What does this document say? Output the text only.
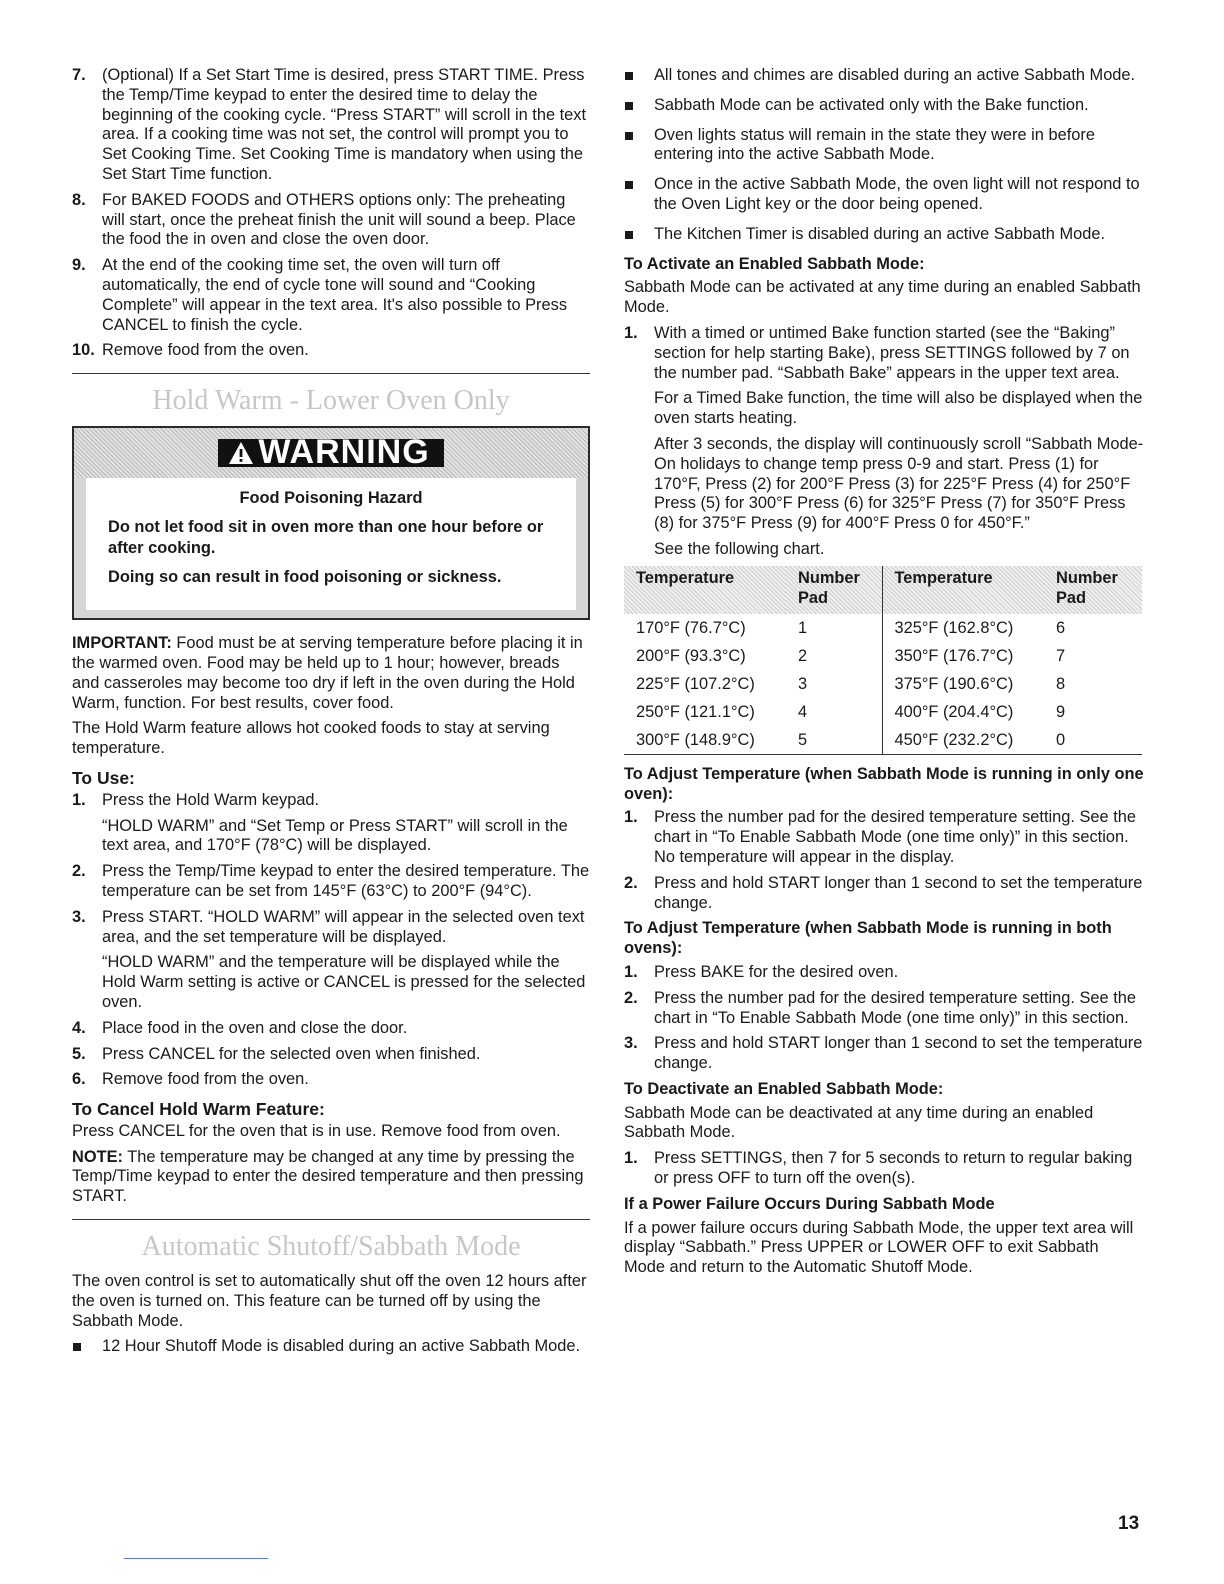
7. (Optional) If a Set Start Time is desired, press START TIME. Press the Temp/Time keypad to enter the desired time to delay the beginning of the cooking cycle. “Press START” will scroll in the text area. If a cooking time was not set, the control will prompt you to Set Cooking Time. Set Cooking Time is mandatory when using the Set Start Time function.
8. For BAKED FOODS and OTHERS options only: The preheating will start, once the preheat finish the unit will sound a beep. Place the food the in oven and close the oven door.
9. At the end of the cooking time set, the oven will turn off automatically, the end of cycle tone will sound and “Cooking Complete” will appear in the text area. It's also possible to Press CANCEL to finish the cycle.
10. Remove food from the oven.
Hold Warm - Lower Oven Only
WARNING
Food Poisoning Hazard

Do not let food sit in oven more than one hour before or after cooking.

Doing so can result in food poisoning or sickness.

IMPORTANT: Food must be at serving temperature before placing it in the warmed oven. Food may be held up to 1 hour; however, breads and casseroles may become too dry if left in the oven during the Hold Warm, function. For best results, cover food.

The Hold Warm feature allows hot cooked foods to stay at serving temperature.

To Use:
1. Press the Hold Warm keypad.
“HOLD WARM” and “Set Temp or Press START” will scroll in the text area, and 170°F (78°C) will be displayed.
2. Press the Temp/Time keypad to enter the desired temperature. The temperature can be set from 145°F (63°C) to 200°F (94°C).
3. Press START. “HOLD WARM” will appear in the selected oven text area, and the set temperature will be displayed.
“HOLD WARM” and the temperature will be displayed while the Hold Warm setting is active or CANCEL is pressed for the selected oven.
4. Place food in the oven and close the door.
5. Press CANCEL for the selected oven when finished.
6. Remove food from the oven.
To Cancel Hold Warm Feature:

Press CANCEL for the oven that is in use. Remove food from oven.

NOTE: The temperature may be changed at any time by pressing the Temp/Time keypad to enter the desired temperature and then pressing START.

Automatic Shutoff/Sabbath Mode

The oven control is set to automatically shut off the oven 12 hours after the oven is turned on. This feature can be turned off by using the Sabbath Mode.

12 Hour Shutoff Mode is disabled during an active Sabbath Mode.
All tones and chimes are disabled during an active Sabbath Mode.
Sabbath Mode can be activated only with the Bake function.
Oven lights status will remain in the state they were in before entering into the active Sabbath Mode.
Once in the active Sabbath Mode, the oven light will not respond to the Oven Light key or the door being opened.
The Kitchen Timer is disabled during an active Sabbath Mode.
To Activate an Enabled Sabbath Mode:

Sabbath Mode can be activated at any time during an enabled Sabbath Mode.

1. With a timed or untimed Bake function started (see the “Baking” section for help starting Bake), press SETTINGS followed by 7 on the number pad. “Sabbath Bake” appears in the upper text area.
For a Timed Bake function, the time will also be displayed when the oven starts heating.
After 3 seconds, the display will continuously scroll “Sabbath Mode- On holidays to change temp press 0-9 and start. Press (1) for 170°F, Press (2) for 200°F Press (3) for 225°F Press (4) for 250°F Press (5) for 300°F Press (6) for 325°F Press (7) for 350°F Press (8) for 375°F Press (9) for 400°F Press 0 for 450°F.”
See the following chart.
Temperature	Number Pad	Temperature	Number Pad
170°F (76.7°C)	1	325°F (162.8°C)	6
200°F (93.3°C)	2	350°F (176.7°C)	7
225°F (107.2°C)	3	375°F (190.6°C)	8
250°F (121.1°C)	4	400°F (204.4°C)	9
300°F (148.9°C)	5	450°F (232.2°C)	0
To Adjust Temperature (when Sabbath Mode is running in only one oven):
1. Press the number pad for the desired temperature setting. See the chart in “To Enable Sabbath Mode (one time only)” in this section. No temperature will appear in the display.
2. Press and hold START longer than 1 second to set the temperature change.
To Adjust Temperature (when Sabbath Mode is running in both ovens):
1. Press BAKE for the desired oven.
2. Press the number pad for the desired temperature setting. See the chart in “To Enable Sabbath Mode (one time only)” in this section.
3. Press and hold START longer than 1 second to set the temperature change.
To Deactivate an Enabled Sabbath Mode:

Sabbath Mode can be deactivated at any time during an enabled Sabbath Mode.

1. Press SETTINGS, then 7 for 5 seconds to return to regular baking or press OFF to turn off the oven(s).
If a Power Failure Occurs During Sabbath Mode

If a power failure occurs during Sabbath Mode, the upper text area will display “Sabbath.” Press UPPER or LOWER OFF to exit Sabbath Mode and return to the Automatic Shutoff Mode.

13
